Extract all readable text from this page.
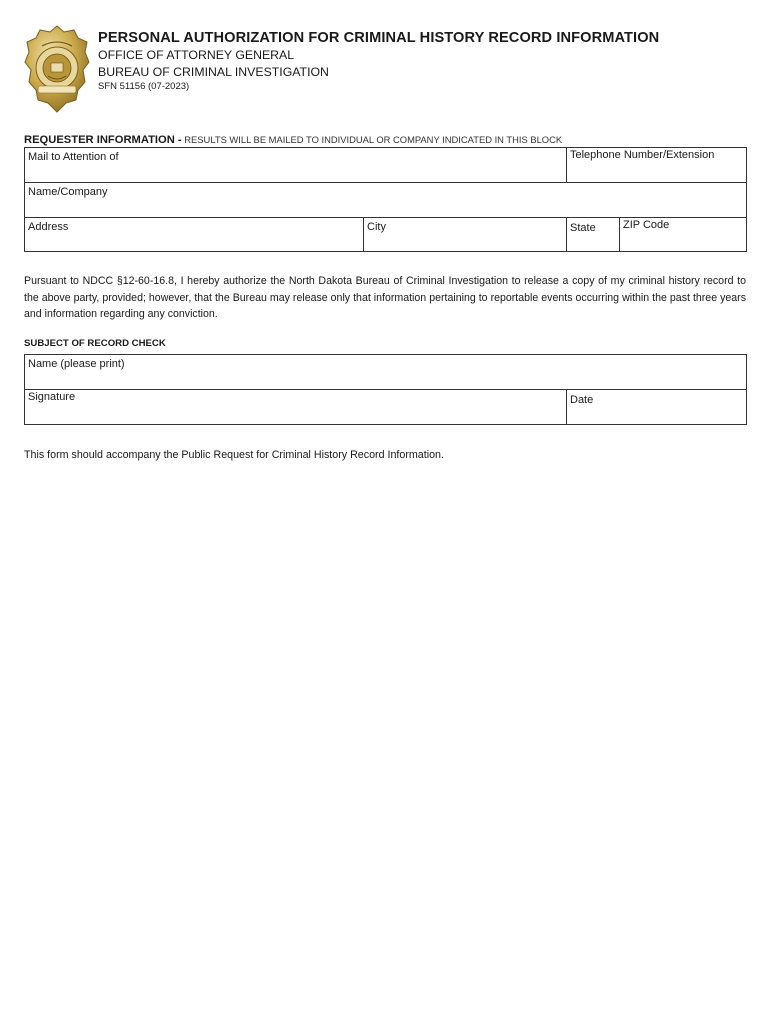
PERSONAL AUTHORIZATION FOR CRIMINAL HISTORY RECORD INFORMATION
OFFICE OF ATTORNEY GENERAL
BUREAU OF CRIMINAL INVESTIGATION
SFN 51156 (07-2023)
REQUESTER INFORMATION - RESULTS WILL BE MAILED TO INDIVIDUAL OR COMPANY INDICATED IN THIS BLOCK
Mail to Attention of	Telephone Number/Extension
Name/Company
Address	City	State	ZIP Code
Pursuant to NDCC §12-60-16.8, I hereby authorize the North Dakota Bureau of Criminal Investigation to release a copy of my criminal history record to the above party, provided; however, that the Bureau may release only that information pertaining to reportable events occurring within the past three years and information regarding any conviction.
SUBJECT OF RECORD CHECK
Name (please print)
Signature	Date
This form should accompany the Public Request for Criminal History Record Information.
